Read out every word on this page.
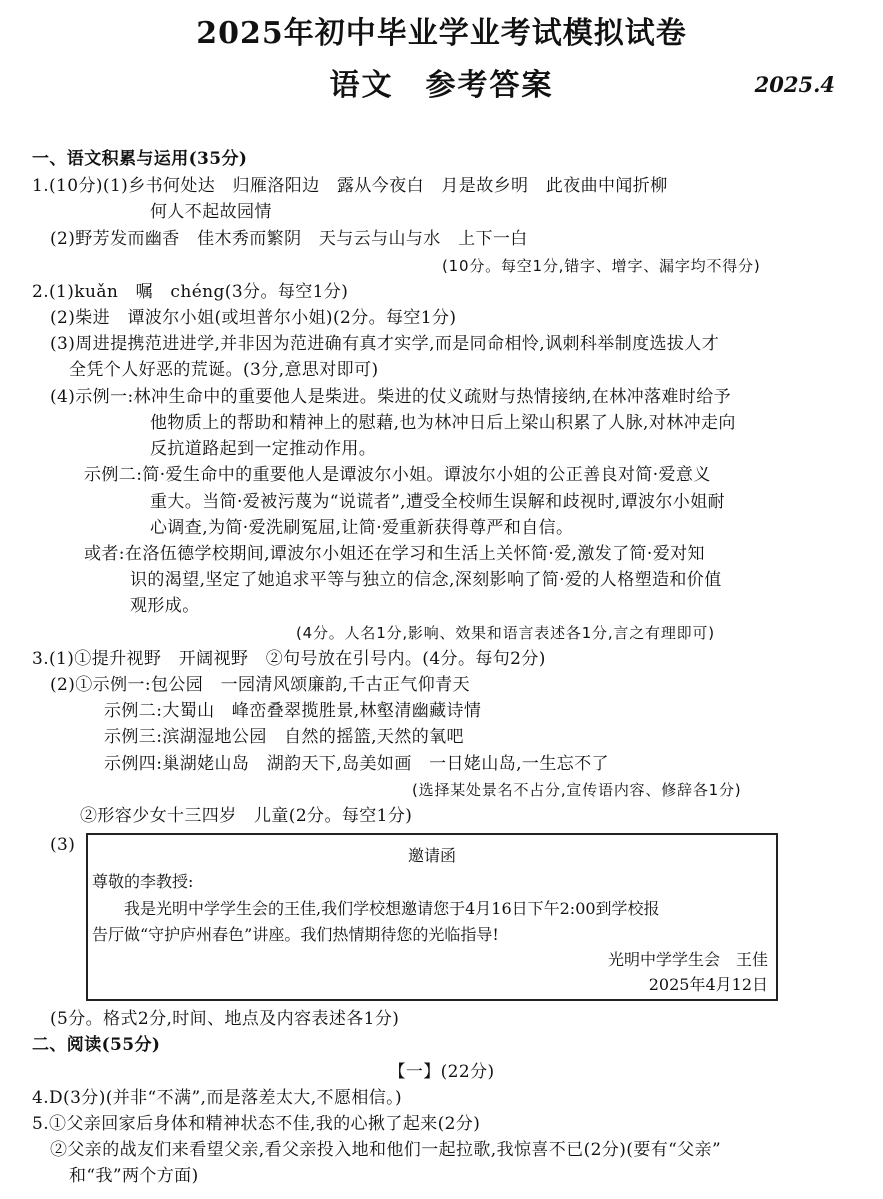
2025年初中毕业学业考试模拟试卷
语文　参考答案	2025.4
一、语文积累与运用(35分)
1.(10分)(1)乡书何处达　归雁洛阳边　露从今夜白　月是故乡明　此夜曲中闻折柳
何人不起故园情
(2)野芳发而幽香　佳木秀而繁阴　天与云与山与水　上下一白
(10分。每空1分,错字、增字、漏字均不得分)
2.(1)kuǎn　嘱　chéng(3分。每空1分)
(2)柴进　谭波尔小姐(或坦普尔小姐)(2分。每空1分)
(3)周进提携范进进学,并非因为范进确有真才实学,而是同命相怜,讽刺科举制度选拔人才
全凭个人好恶的荒诞。(3分,意思对即可)
(4)示例一:林冲生命中的重要他人是柴进。柴进的仗义疏财与热情接纳,在林冲落难时给予
他物质上的帮助和精神上的慰藉,也为林冲日后上梁山积累了人脉,对林冲走向
反抗道路起到一定推动作用。
示例二:简·爱生命中的重要他人是谭波尔小姐。谭波尔小姐的公正善良对简·爱意义
重大。当简·爱被污蔑为“说谎者”,遭受全校师生误解和歧视时,谭波尔小姐耐
心调查,为简·爱洗刷冤屈,让简·爱重新获得尊严和自信。
或者:在洛伍德学校期间,谭波尔小姐还在学习和生活上关怀简·爱,激发了简·爱对知
识的渴望,坚定了她追求平等与独立的信念,深刻影响了简·爱的人格塑造和价值
观形成。
(4分。人名1分,影响、效果和语言表述各1分,言之有理即可)
3.(1)①提升视野　开阔视野　②句号放在引号内。(4分。每句2分)
(2)①示例一:包公园　一园清风颂廉韵,千古正气仰青天
示例二:大蜀山　峰峦叠翠揽胜景,林壑清幽藏诗情
示例三:滨湖湿地公园　自然的摇篮,天然的氧吧
示例四:巢湖姥山岛　湖韵天下,岛美如画　一日姥山岛,一生忘不了
(选择某处景名不占分,宣传语内容、修辞各1分)
②形容少女十三四岁　儿童(2分。每空1分)
(3)
邀请函
尊敬的李教授:
我是光明中学学生会的王佳,我们学校想邀请您于4月16日下午2:00到学校报
告厅做“守护庐州春色”讲座。我们热情期待您的光临指导!
光明中学学生会　王佳
2025年4月12日
(5分。格式2分,时间、地点及内容表述各1分)
二、阅读(55分)
【一】(22分)
4.D(3分)(并非“不满”,而是落差太大,不愿相信。)
5.①父亲回家后身体和精神状态不佳,我的心揪了起来(2分)
②父亲的战友们来看望父亲,看父亲投入地和他们一起拉歌,我惊喜不已(2分)(要有“父亲”
和“我”两个方面)
